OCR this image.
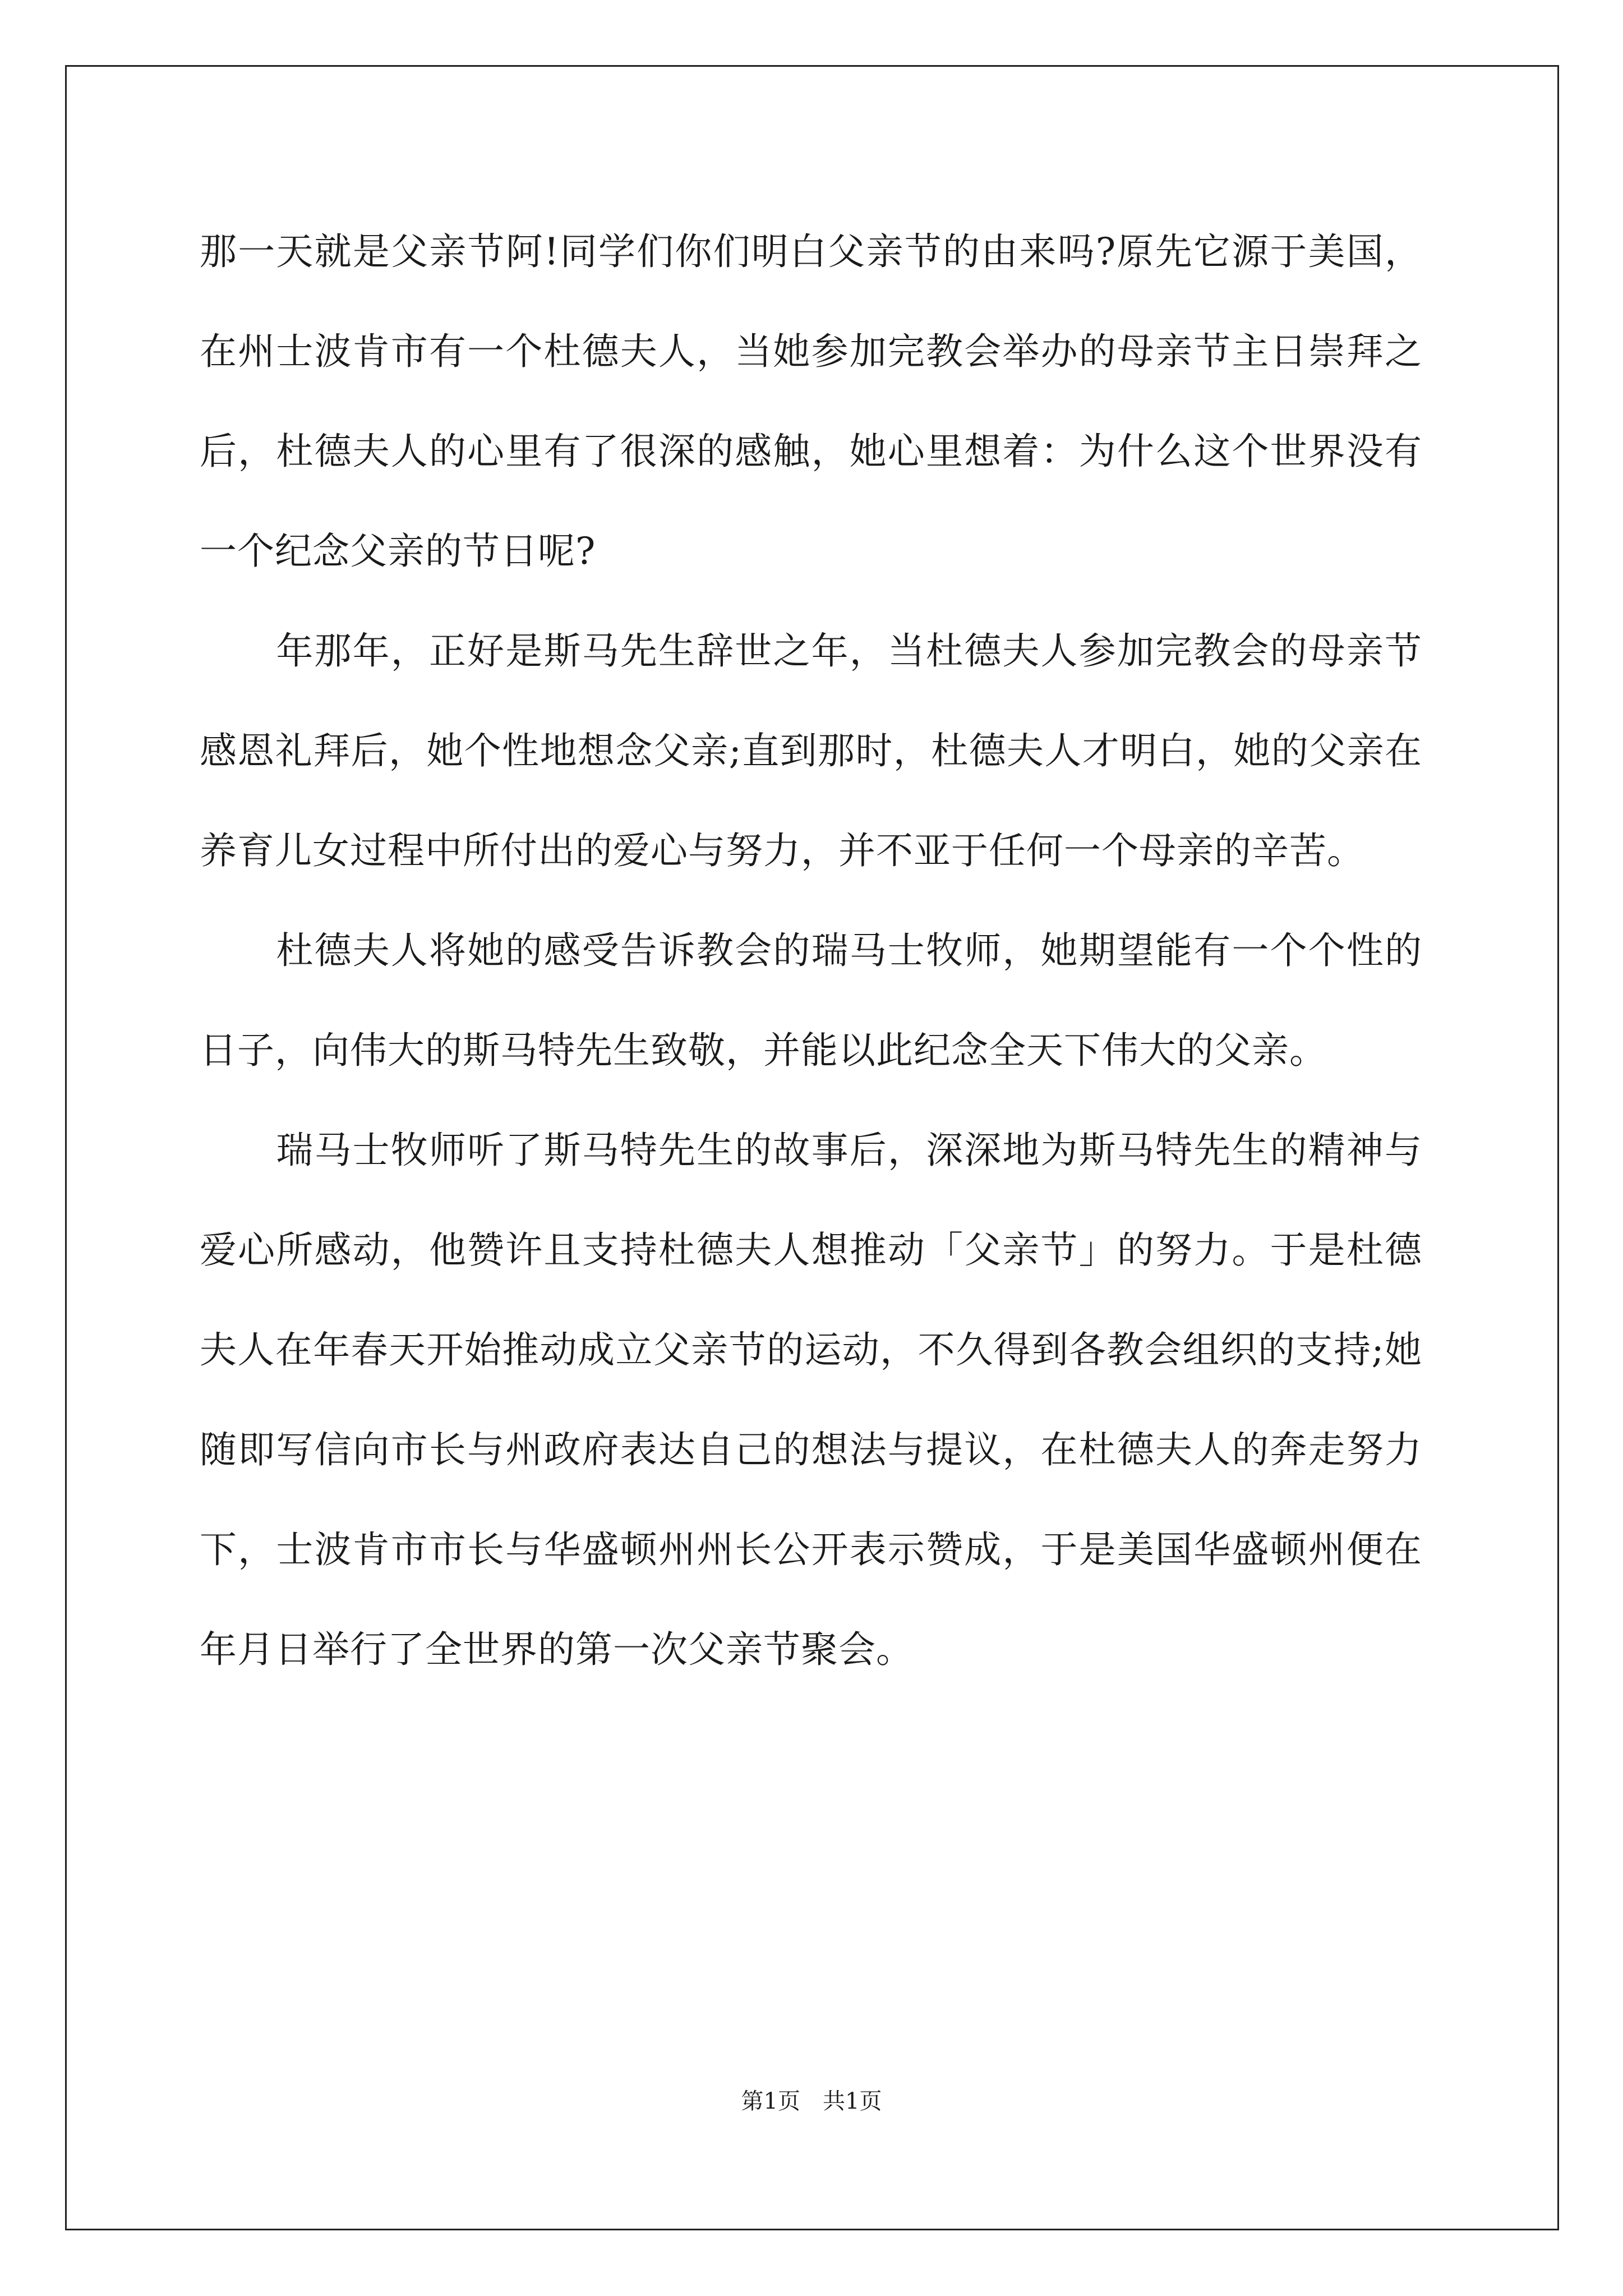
那一天就是父亲节阿!同学们你们明白父亲节的由来吗?原先它源于美国，在州士波肯市有一个杜德夫人，当她参加完教会举办的母亲节主日崇拜之后，杜德夫人的心里有了很深的感触，她心里想着：为什么这个世界没有一个纪念父亲的节日呢?

　　年那年，正好是斯马先生辞世之年，当杜德夫人参加完教会的母亲节感恩礼拜后，她个性地想念父亲;直到那时，杜德夫人才明白，她的父亲在养育儿女过程中所付出的爱心与努力，并不亚于任何一个母亲的辛苦。

　　杜德夫人将她的感受告诉教会的瑞马士牧师，她期望能有一个个性的日子，向伟大的斯马特先生致敬，并能以此纪念全天下伟大的父亲。

　　瑞马士牧师听了斯马特先生的故事后，深深地为斯马特先生的精神与爱心所感动，他赞许且支持杜德夫人想推动「父亲节」的努力。于是杜德夫人在年春天开始推动成立父亲节的运动，不久得到各教会组织的支持;她随即写信向市长与州政府表达自己的想法与提议，在杜德夫人的奔走努力下，士波肯市市长与华盛顿州州长公开表示赞成，于是美国华盛顿州便在年月日举行了全世界的第一次父亲节聚会。

第1页　共1页
